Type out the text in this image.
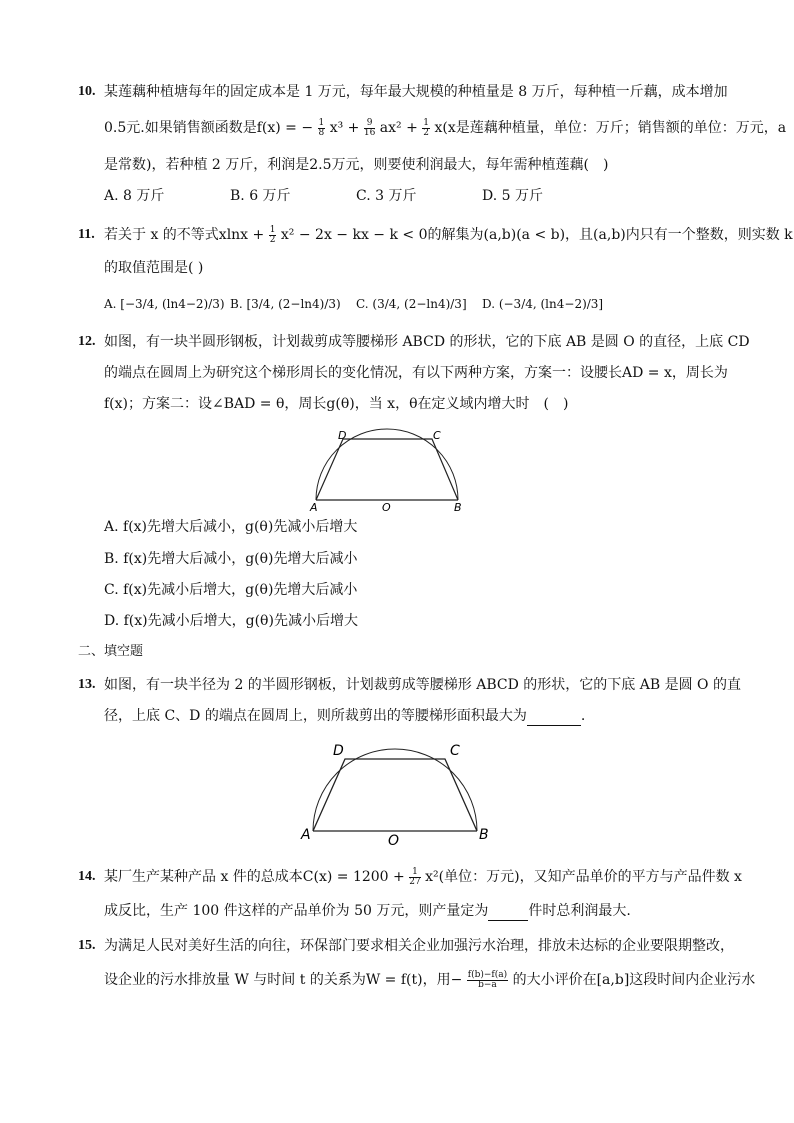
10. 某莲藕种植塘每年的固定成本是 1 万元，每年最大规模的种植量是 8 万斤，每种植一斤藕，成本增加
0.5元.如果销售额函数是f(x) = − $\frac{1}{8} x^3 + \frac{9}{16} ax^2 + \frac{1}{2} x(x$是莲藕种植量，单位：万斤；销售额的单位：万元，a
是常数)，若种植 2 万斤，利润是2.5万元，则要使利润最大，每年需种植莲藕(　)
A. 8 万斤	B. 6 万斤	C. 3 万斤	D. 5 万斤
11. 若关于 x 的不等式$xlnx + \frac{1}{2} x^2 - 2x$ − kx − k < 0的解集为(a,b)(a < b)，且(a,b)内只有一个整数，则实数 k
的取值范围是( )
A. [−3/4, (ln4−2)/3) B. [3/4, (2−ln4)/3) C. (3/4, (2−ln4)/3] D. (−3/4, (ln4−2)/3]
12. 如图，有一块半圆形钢板，计划裁剪成等腰梯形 ABCD 的形状，它的下底 AB 是圆 O 的直径，上底 CD
的端点在圆周上为研究这个梯形周长的变化情况，有以下两种方案，方案一：设腰长AD = x，周长为
f(x)；方案二：设∠BAD = θ，周长g(θ)，当 x，θ在定义域内增大时　(　)
A	O	B
D	C
A. f(x)先增大后减小，g(θ)先减小后增大
B. f(x)先增大后减小，g(θ)先增大后减小
C. f(x)先减小后增大，g(θ)先增大后减小
D. f(x)先减小后增大，g(θ)先减小后增大
二、填空题
13. 如图，有一块半径为 2 的半圆形钢板，计划裁剪成等腰梯形 ABCD 的形状，它的下底 AB 是圆 O 的直
径，上底 C、D 的端点在圆周上，则所裁剪出的等腰梯形面积最大为	.
A	O	B
D	C
14. 某厂生产某种产品 x 件的总成本$C(x) = 1200 + \frac{1}{27} x^2$(单位：万元)，又知产品单价的平方与产品件数 x
成反比，生产 100 件这样的产品单价为 50 万元，则产量定为	件时总利润最大.
15. 为满足人民对美好生活的向往，环保部门要求相关企业加强污水治理，排放未达标的企业要限期整改，
设企业的污水排放量 W 与时间 t 的关系为W = f(t)，用− $\frac{f(b)-f(a)}{b-a}$ 的大小评价在[a,b]这段时间内企业污水
